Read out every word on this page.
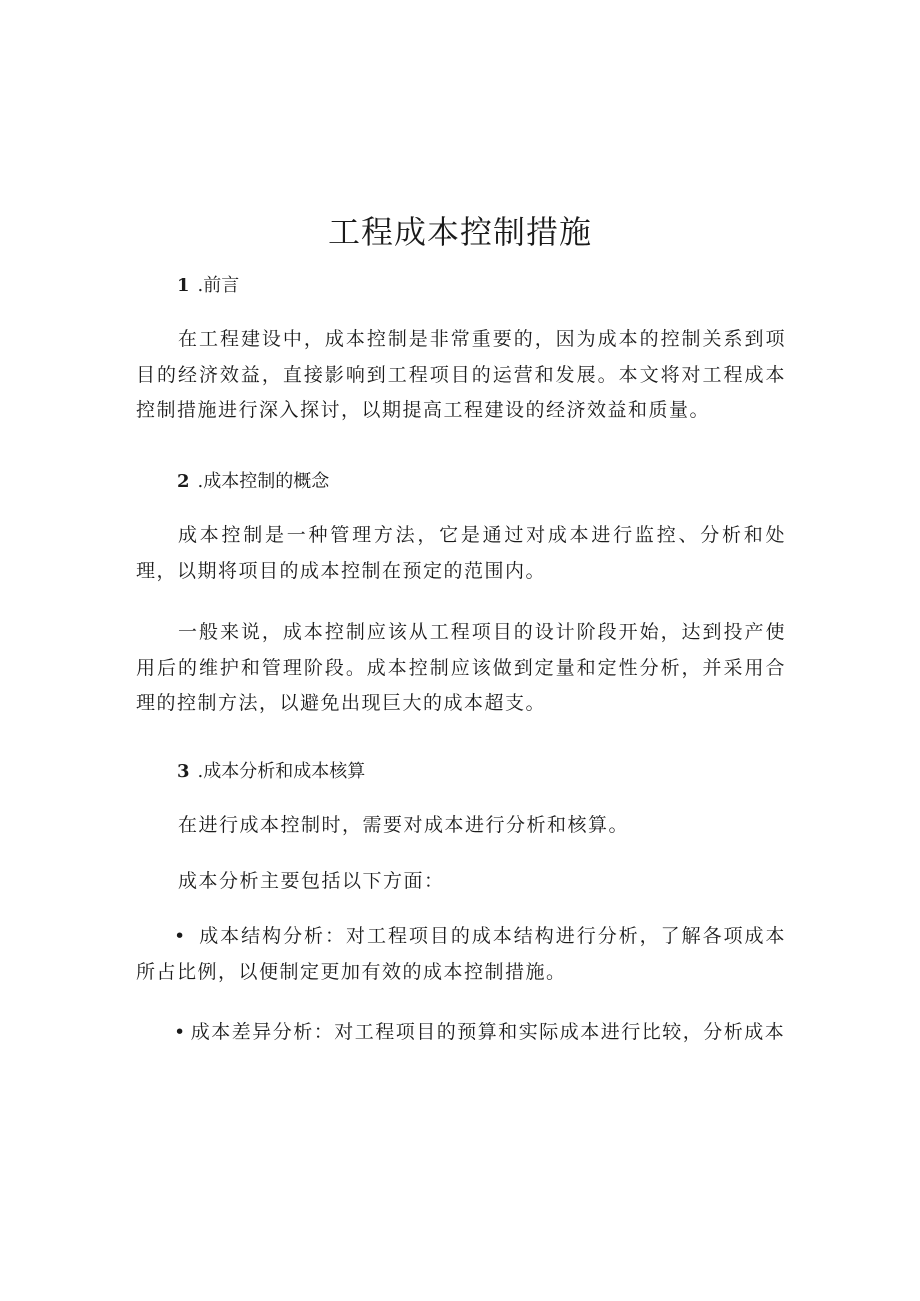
工程成本控制措施
1 .前言

在工程建设中，成本控制是非常重要的，因为成本的控制关系到项目的经济效益，直接影响到工程项目的运营和发展。本文将对工程成本控制措施进行深入探讨，以期提高工程建设的经济效益和质量。

2 .成本控制的概念

成本控制是一种管理方法，它是通过对成本进行监控、分析和处理，以期将项目的成本控制在预定的范围内。

一般来说，成本控制应该从工程项目的设计阶段开始，达到投产使用后的维护和管理阶段。成本控制应该做到定量和定性分析，并采用合理的控制方法，以避免出现巨大的成本超支。

3 .成本分析和成本核算

在进行成本控制时，需要对成本进行分析和核算。

成本分析主要包括以下方面：

• 成本结构分析：对工程项目的成本结构进行分析，了解各项成本所占比例，以便制定更加有效的成本控制措施。

• 成本差异分析：对工程项目的预算和实际成本进行比较，分析成本
